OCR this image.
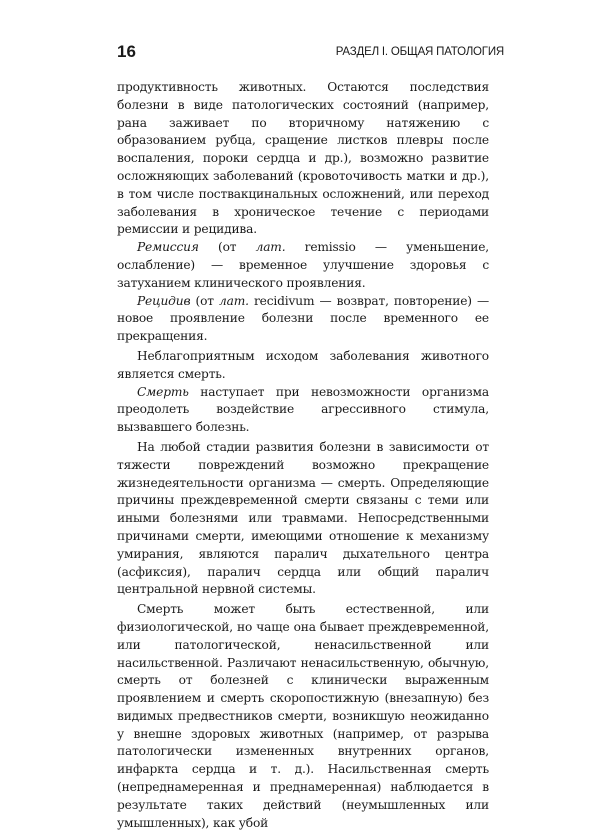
16	РАЗДЕЛ I. ОБЩАЯ ПАТОЛОГИЯ

продуктивность животных. Остаются последствия болезни в виде патологических состояний (например, рана заживает по вторичному натяжению с образованием рубца, сращение листков плевры после воспаления, пороки сердца и др.), возможно развитие осложняющих заболеваний (кровоточивость матки и др.), в том числе поствакцинальных осложнений, или переход заболевания в хроническое течение с периодами ремиссии и рецидива.

Ремиссия (от лат. remissio — уменьшение, ослабление) — временное улучшение здоровья с затуханием клинического проявления.

Рецидив (от лат. recidivum — возврат, повторение) — новое проявление болезни после временного ее прекращения.

Неблагоприятным исходом заболевания животного является смерть.

Смерть наступает при невозможности организма преодолеть воздействие агрессивного стимула, вызвавшего болезнь.

На любой стадии развития болезни в зависимости от тяжести повреждений возможно прекращение жизнедеятельности организма — смерть. Определяющие причины преждевременной смерти связаны с теми или иными болезнями или травмами. Непосредственными причинами смерти, имеющими отношение к механизму умирания, являются паралич дыхательного центра (асфиксия), паралич сердца или общий паралич центральной нервной системы.

Смерть может быть естественной, или физиологической, но чаще она бывает преждевременной, или патологической, ненасильственной или насильственной. Различают ненасильственную, обычную, смерть от болезней с клинически выраженным проявлением и смерть скоропостижную (внезапную) без видимых предвестников смерти, возникшую неожиданно у внешне здоровых животных (например, от разрыва патологически измененных внутренних органов, инфаркта сердца и т. д.). Насильственная смерть (непреднамеренная и преднамеренная) наблюдается в результате таких действий (неумышленных или умышленных), как убой
